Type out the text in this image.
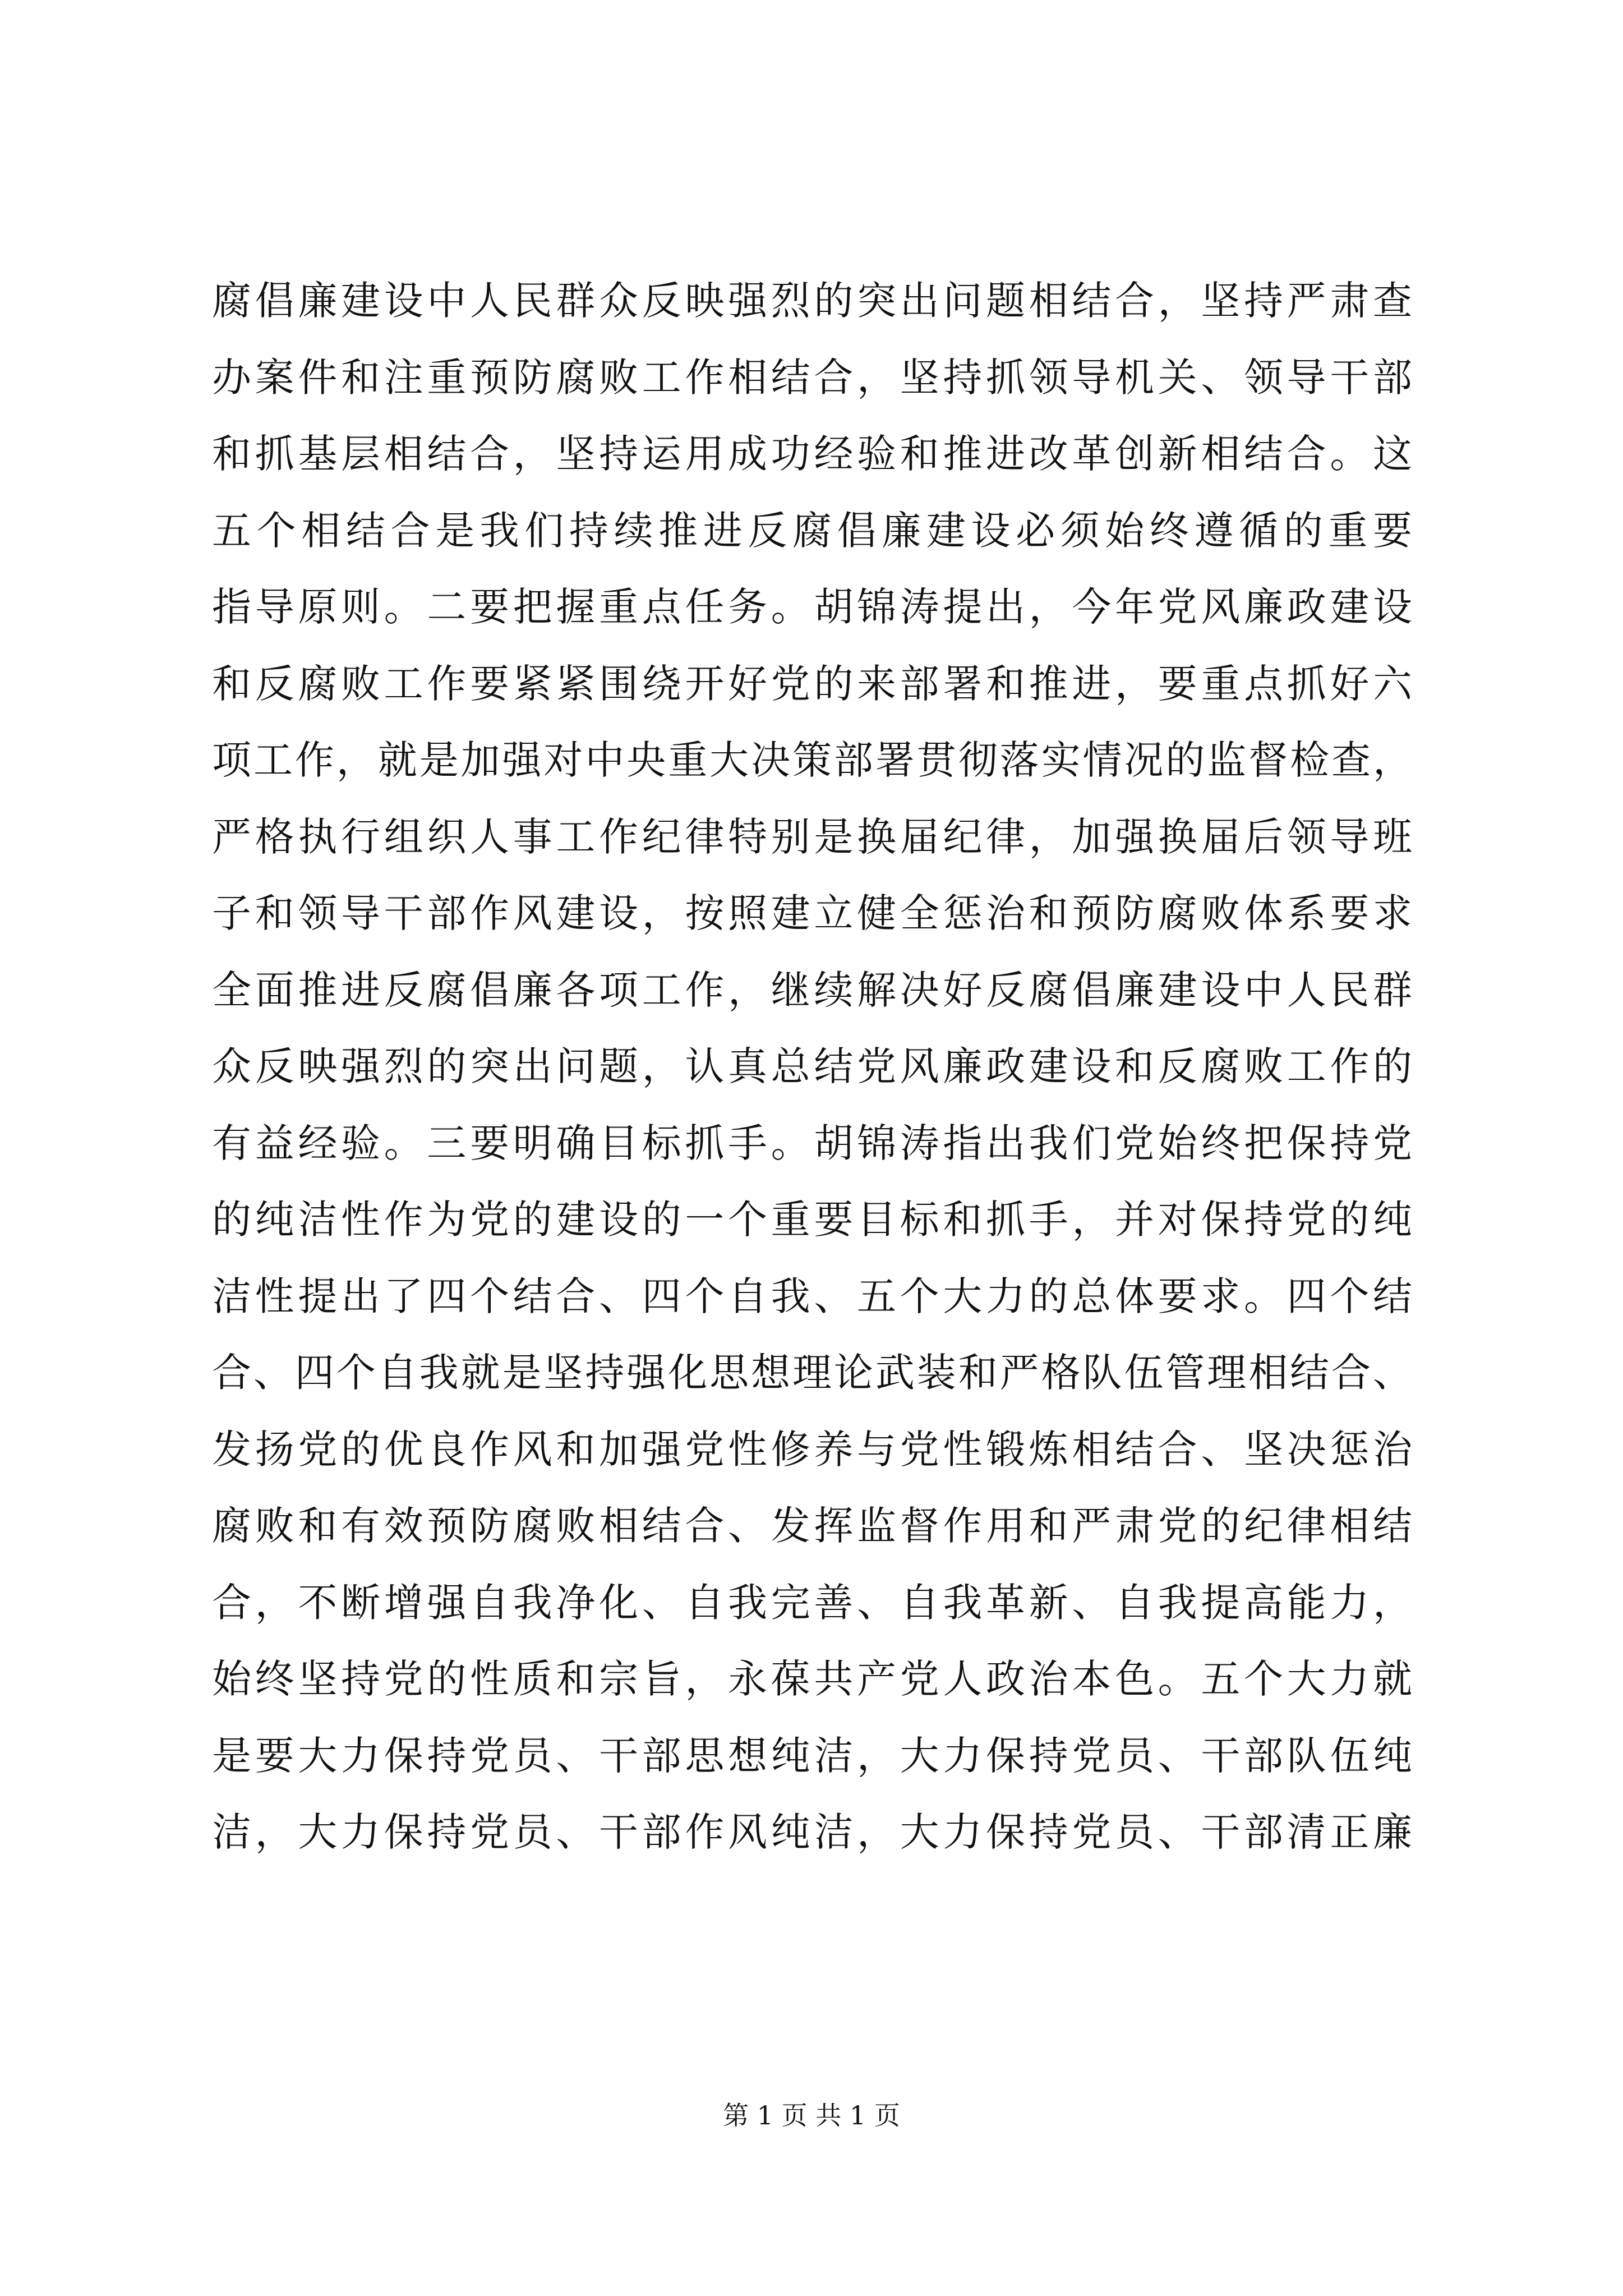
腐倡廉建设中人民群众反映强烈的突出问题相结合，坚持严肃查
办案件和注重预防腐败工作相结合，坚持抓领导机关、领导干部
和抓基层相结合，坚持运用成功经验和推进改革创新相结合。这
五个相结合是我们持续推进反腐倡廉建设必须始终遵循的重要
指导原则。二要把握重点任务。胡锦涛提出，今年党风廉政建设
和反腐败工作要紧紧围绕开好党的来部署和推进，要重点抓好六
项工作，就是加强对中央重大决策部署贯彻落实情况的监督检查，
严格执行组织人事工作纪律特别是换届纪律，加强换届后领导班
子和领导干部作风建设，按照建立健全惩治和预防腐败体系要求
全面推进反腐倡廉各项工作，继续解决好反腐倡廉建设中人民群
众反映强烈的突出问题，认真总结党风廉政建设和反腐败工作的
有益经验。三要明确目标抓手。胡锦涛指出我们党始终把保持党
的纯洁性作为党的建设的一个重要目标和抓手，并对保持党的纯
洁性提出了四个结合、四个自我、五个大力的总体要求。四个结
合、四个自我就是坚持强化思想理论武装和严格队伍管理相结合、
发扬党的优良作风和加强党性修养与党性锻炼相结合、坚决惩治
腐败和有效预防腐败相结合、发挥监督作用和严肃党的纪律相结
合，不断增强自我净化、自我完善、自我革新、自我提高能力，
始终坚持党的性质和宗旨，永葆共产党人政治本色。五个大力就
是要大力保持党员、干部思想纯洁，大力保持党员、干部队伍纯
洁，大力保持党员、干部作风纯洁，大力保持党员、干部清正廉
第 1 页 共 1 页
